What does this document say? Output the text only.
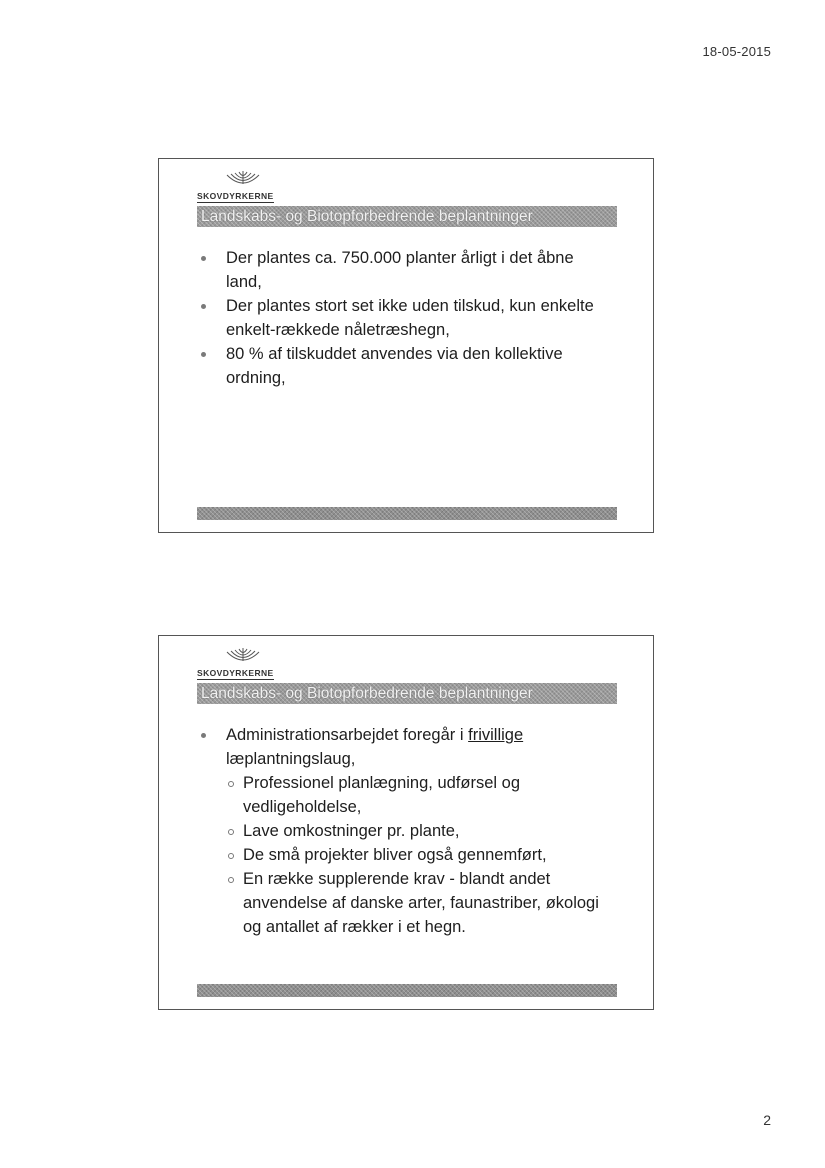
18-05-2015
SKOVDYRKERNE
Landskabs- og Biotopforbedrende beplantninger
Der plantes ca. 750.000 planter årligt i det åbne land,
Der plantes stort set ikke uden tilskud, kun enkelte enkelt-rækkede nåletræshegn,
80 % af tilskuddet anvendes via den kollektive ordning,
SKOVDYRKERNE
Landskabs- og Biotopforbedrende beplantninger
Administrationsarbejdet foregår i frivillige læplantningslaug,
Professionel planlægning, udførsel og vedligeholdelse,
Lave omkostninger pr. plante,
De små projekter bliver også gennemført,
En række supplerende krav - blandt andet anvendelse af danske arter, faunastriber, økologi og antallet af rækker i et hegn.
2
